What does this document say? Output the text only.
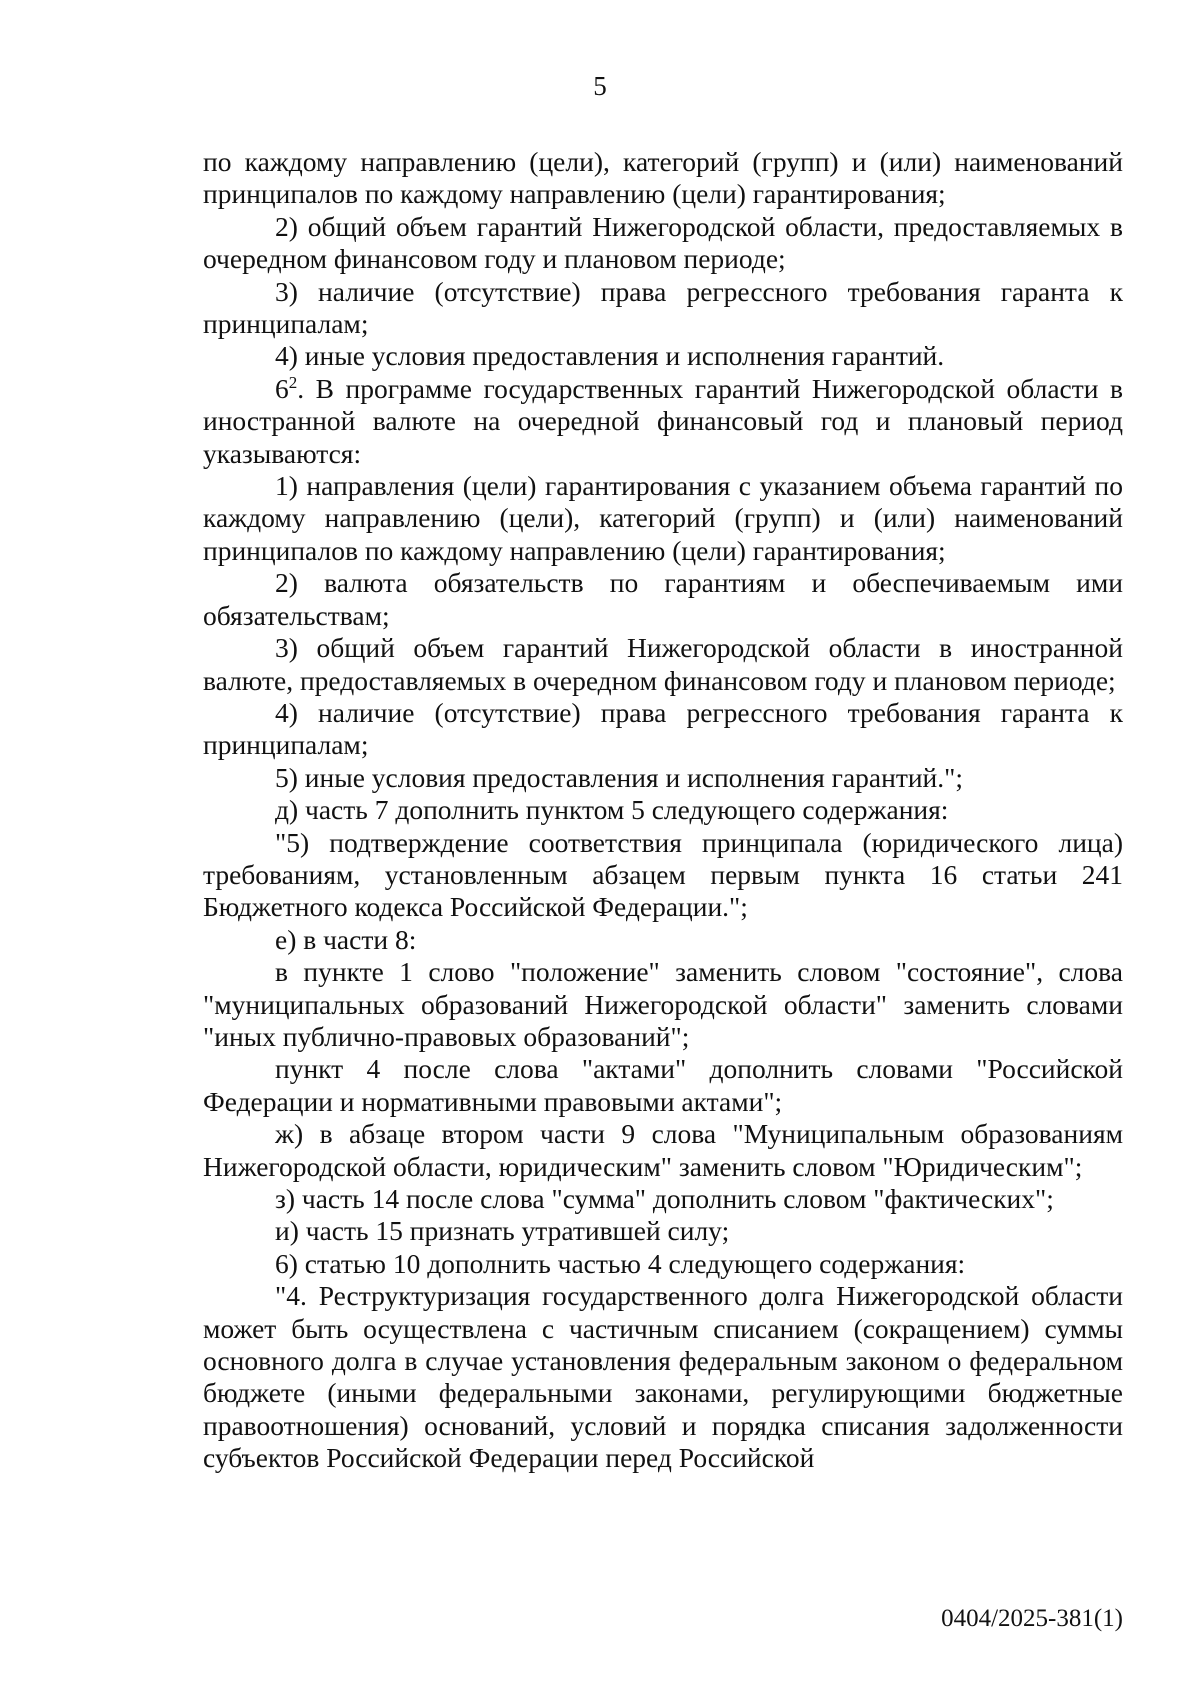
5

по каждому направлению (цели), категорий (групп) и (или) наименований принципалов по каждому направлению (цели) гарантирования;

2) общий объем гарантий Нижегородской области, предоставляемых в очередном финансовом году и плановом периоде;

3) наличие (отсутствие) права регрессного требования гаранта к принципалам;

4) иные условия предоставления и исполнения гарантий.

$6^2$. В программе государственных гарантий Нижегородской области в иностранной валюте на очередной финансовый год и плановый период указываются:

1) направления (цели) гарантирования с указанием объема гарантий по каждому направлению (цели), категорий (групп) и (или) наименований принципалов по каждому направлению (цели) гарантирования;

2) валюта обязательств по гарантиям и обеспечиваемым ими обязательствам;

3) общий объем гарантий Нижегородской области в иностранной валюте, предоставляемых в очередном финансовом году и плановом периоде;

4) наличие (отсутствие) права регрессного требования гаранта к принципалам;

5) иные условия предоставления и исполнения гарантий.";

д) часть 7 дополнить пунктом 5 следующего содержания:

"5) подтверждение соответствия принципала (юридического лица) требованиям, установленным абзацем первым пункта 16 статьи 241 Бюджетного кодекса Российской Федерации.";

е) в части 8:

в пункте 1 слово "положение" заменить словом "состояние", слова "муниципальных образований Нижегородской области" заменить словами "иных публично-правовых образований";

пункт 4 после слова "актами" дополнить словами "Российской Федерации и нормативными правовыми актами";

ж) в абзаце втором части 9 слова "Муниципальным образованиям Нижегородской области, юридическим" заменить словом "Юридическим";

з) часть 14 после слова "сумма" дополнить словом "фактических";

и) часть 15 признать утратившей силу;

6) статью 10 дополнить частью 4 следующего содержания:

"4. Реструктуризация государственного долга Нижегородской области может быть осуществлена с частичным списанием (сокращением) суммы основного долга в случае установления федеральным законом о федеральном бюджете (иными федеральными законами, регулирующими бюджетные правоотношения) оснований, условий и порядка списания задолженности субъектов Российской Федерации перед Российской

0404/2025-381(1)
